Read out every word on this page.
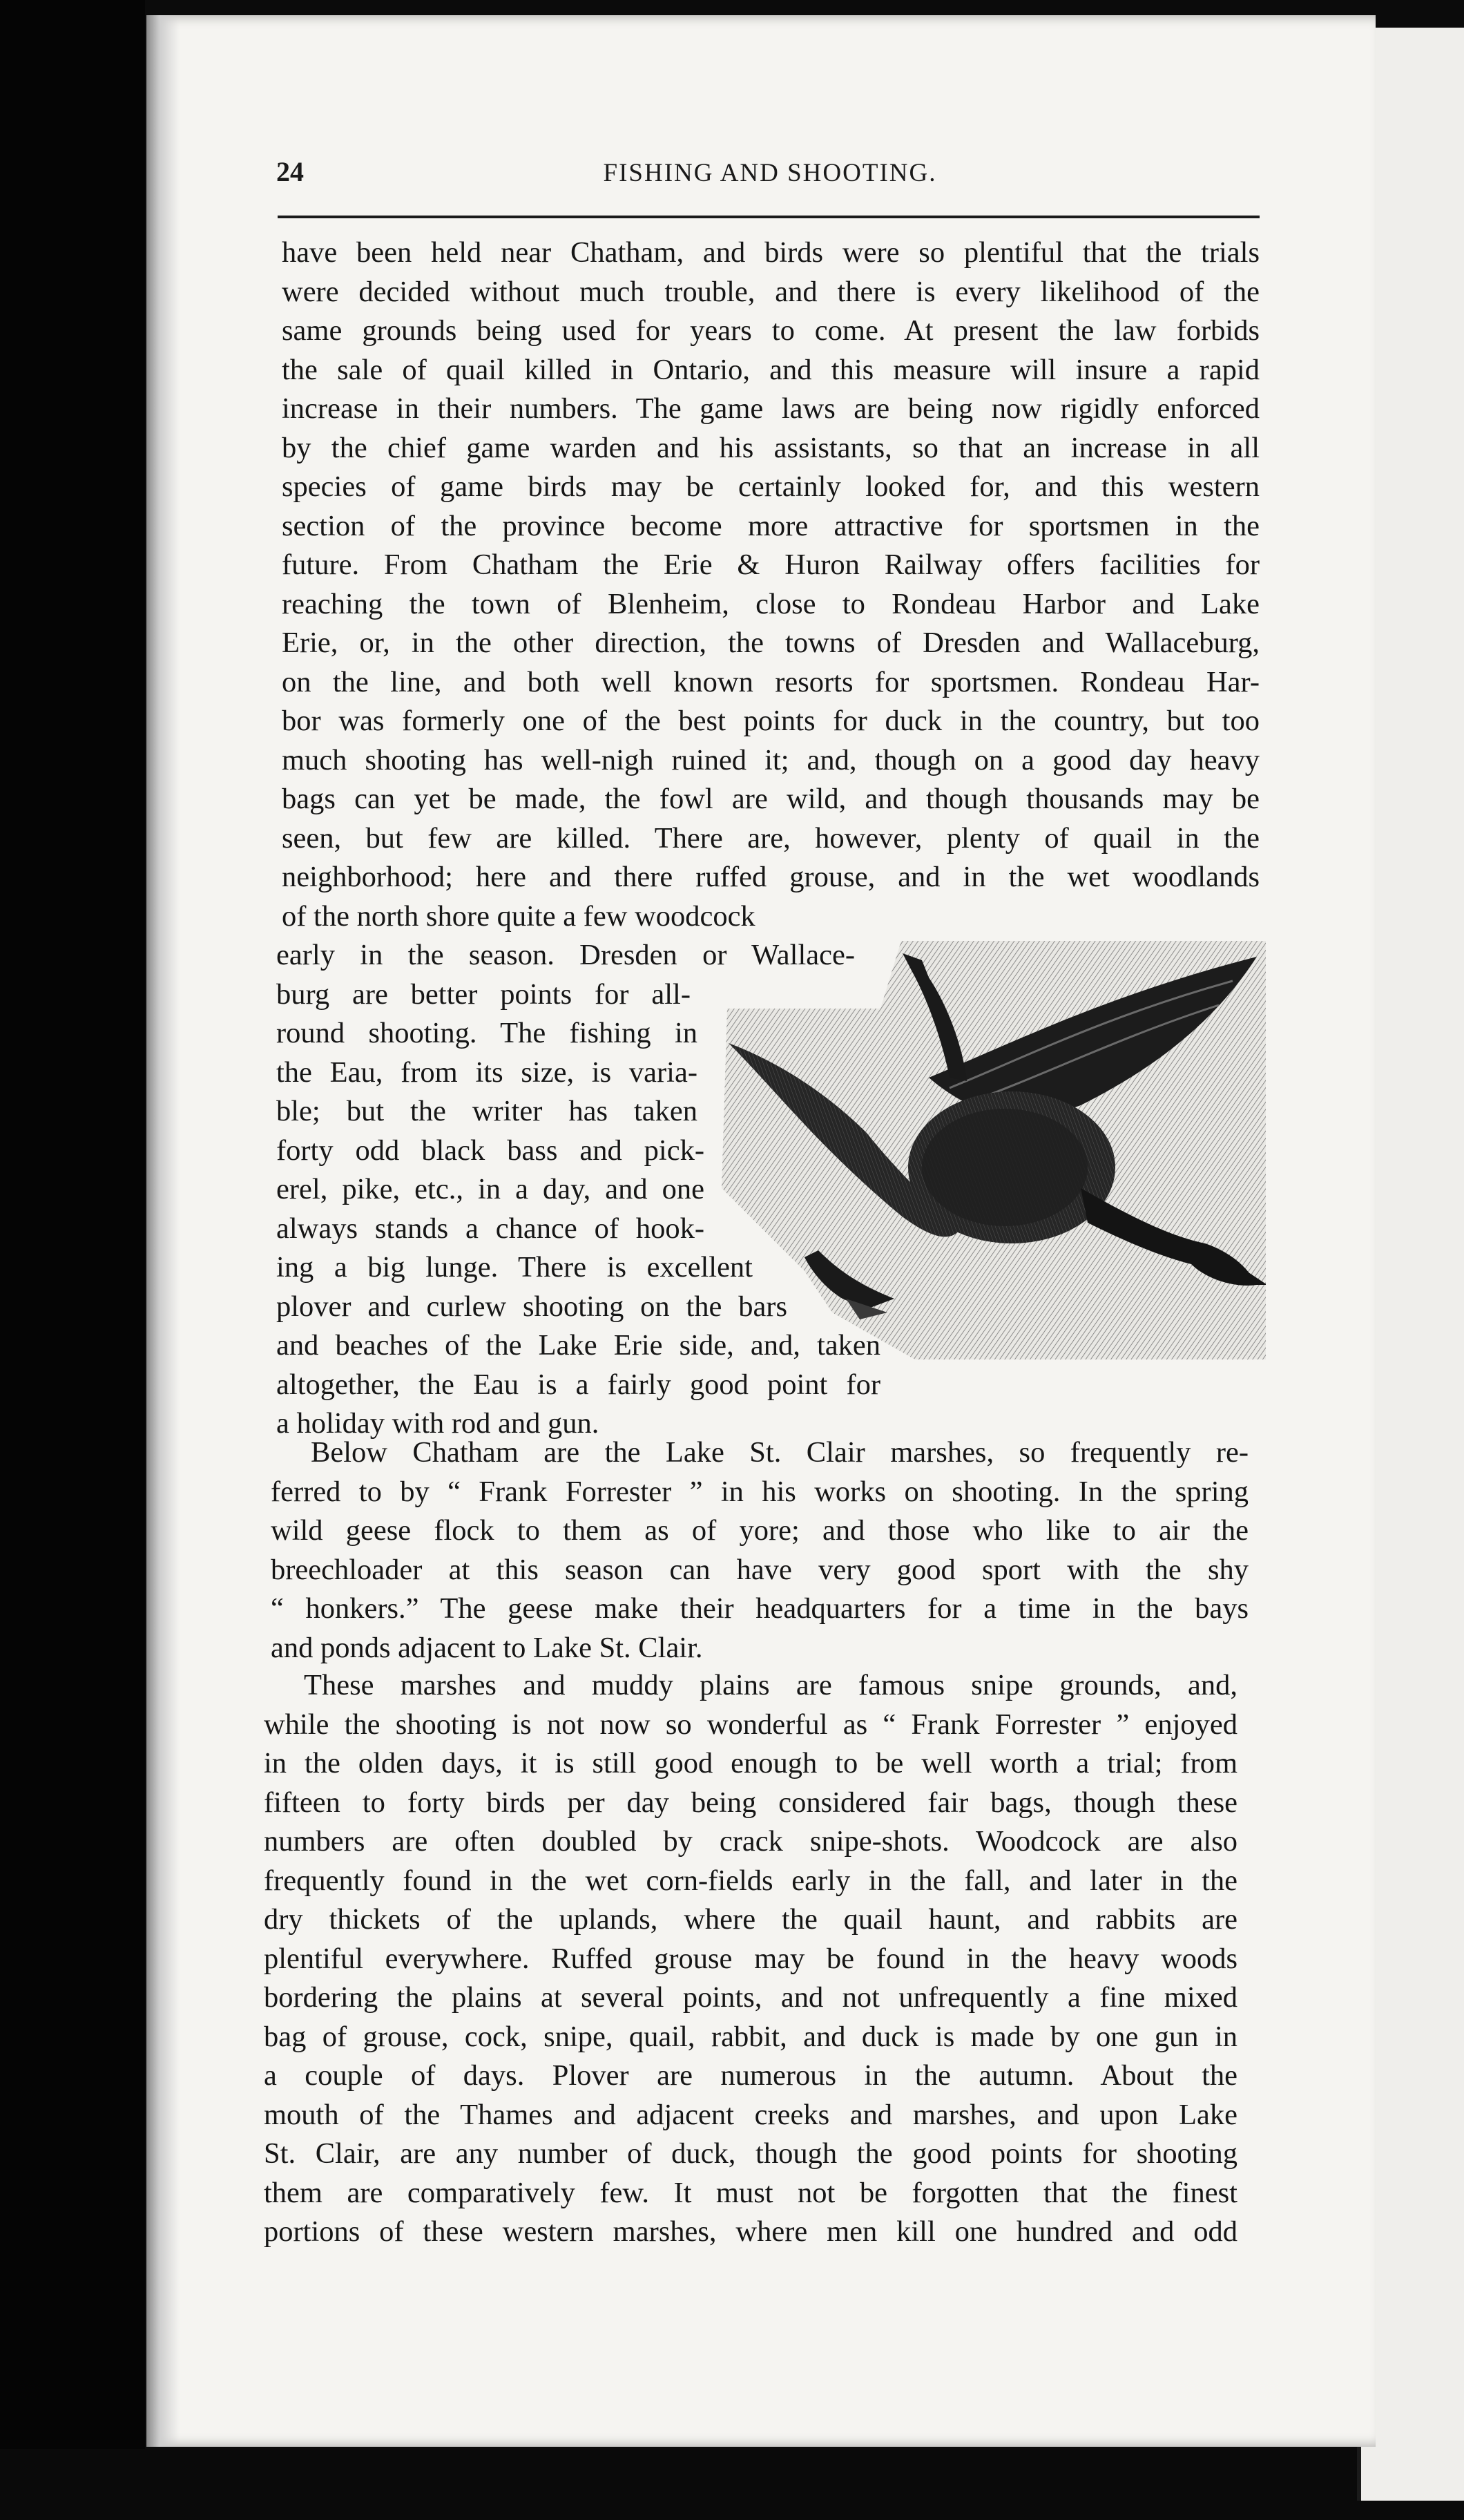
24	FISHING AND SHOOTING.
have been held near Chatham, and birds were so plentiful that the trials
were decided without much trouble, and there is every likelihood of the
same grounds being used for years to come. At present the law forbids
the sale of quail killed in Ontario, and this measure will insure a rapid
increase in their numbers. The game laws are being now rigidly enforced
by the chief game warden and his assistants, so that an increase in all
species of game birds may be certainly looked for, and this western
section of the province become more attractive for sportsmen in the
future. From Chatham the Erie & Huron Railway offers facilities for
reaching the town of Blenheim, close to Rondeau Harbor and Lake
Erie, or, in the other direction, the towns of Dresden and Wallaceburg,
on the line, and both well known resorts for sportsmen. Rondeau Har-
bor was formerly one of the best points for duck in the country, but too
much shooting has well-nigh ruined it; and, though on a good day heavy
bags can yet be made, the fowl are wild, and though thousands may be
seen, but few are killed. There are, however, plenty of quail in the
neighborhood; here and there ruffed grouse, and in the wet woodlands
of the north shore quite a few woodcock
early in the season. Dresden or Wallace-
burg are better points for all-
round shooting. The fishing in
the Eau, from its size, is varia-
ble; but the writer has taken
forty odd black bass and pick-
erel, pike, etc., in a day, and one
always stands a chance of hook-
ing a big lunge. There is excellent
plover and curlew shooting on the bars
and beaches of the Lake Erie side, and, taken
altogether, the Eau is a fairly good point for
a holiday with rod and gun.
Below Chatham are the Lake St. Clair marshes, so frequently re-
ferred to by “ Frank Forrester ” in his works on shooting. In the spring
wild geese flock to them as of yore; and those who like to air the
breechloader at this season can have very good sport with the shy
“ honkers.” The geese make their headquarters for a time in the bays
and ponds adjacent to Lake St. Clair.
These marshes and muddy plains are famous snipe grounds, and,
while the shooting is not now so wonderful as “ Frank Forrester ” enjoyed
in the olden days, it is still good enough to be well worth a trial; from
fifteen to forty birds per day being considered fair bags, though these
numbers are often doubled by crack snipe-shots. Woodcock are also
frequently found in the wet corn-fields early in the fall, and later in the
dry thickets of the uplands, where the quail haunt, and rabbits are
plentiful everywhere. Ruffed grouse may be found in the heavy woods
bordering the plains at several points, and not unfrequently a fine mixed
bag of grouse, cock, snipe, quail, rabbit, and duck is made by one gun in
a couple of days. Plover are numerous in the autumn. About the
mouth of the Thames and adjacent creeks and marshes, and upon Lake
St. Clair, are any number of duck, though the good points for shooting
them are comparatively few. It must not be forgotten that the finest
portions of these western marshes, where men kill one hundred and odd
